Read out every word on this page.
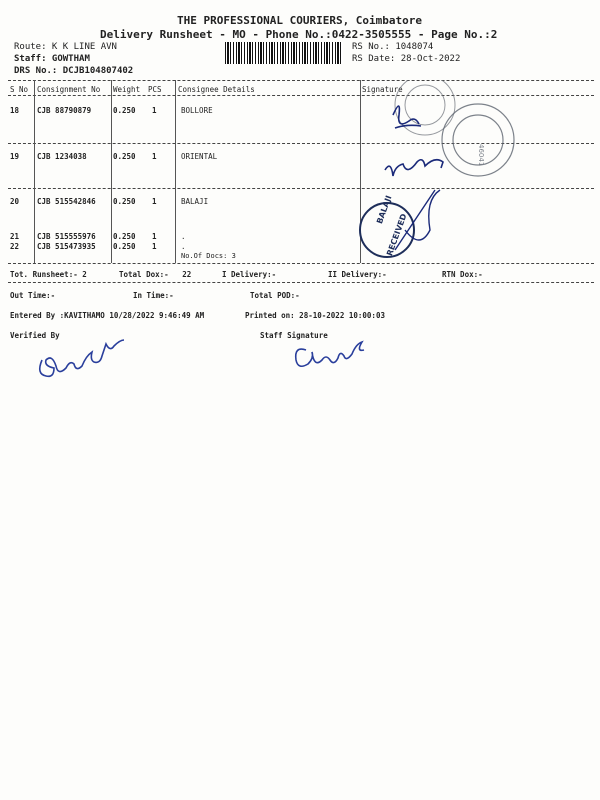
THE PROFESSIONAL COURIERS, Coimbatore
Delivery Runsheet - MO - Phone No.:0422-3505555 - Page No.:2
Route: K K LINE AVN
Staff: GOWTHAM
DRS No.: DCJB104807402
RS No.: 1048074
RS Date: 28-Oct-2022
S No Consignment No Weight PCS Consignee Details	Signature
18 CJB 88790879	0.250 1	BOLLORE
19 CJB 1234038	0.250 1	ORIENTAL
20 CJB 515542846 0.250 1	BALAJI
21 CJB 515555976 0.250 1	.
22 CJB 515473935 0.250 1	.
No.Of Docs: 3
46041
BALAJI
RECEIVED
Tot. Runsheet:- 2	Total Dox:-   22	I Delivery:-	II Delivery:-	RTN Dox:-
Out Time:-	In Time:-	Total POD:-
Entered By :KAVITHAMO 10/28/2022 9:46:49 AM	Printed on: 28-10-2022 10:00:03
Verified By	Staff Signature
